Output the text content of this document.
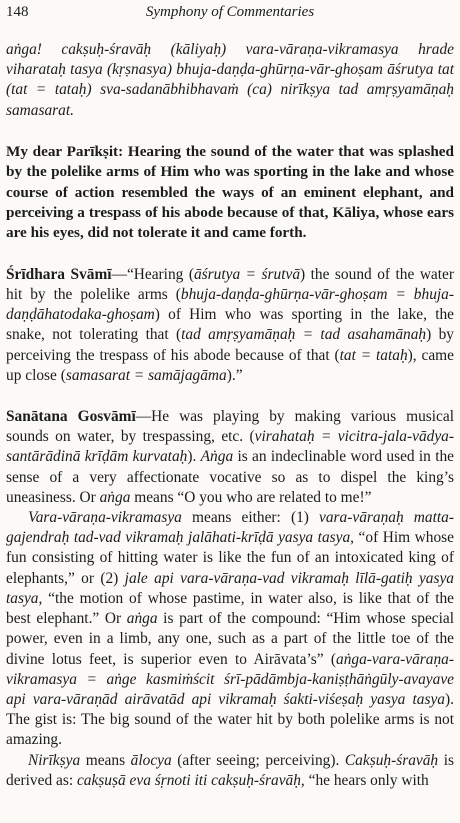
148	Symphony of Commentaries

aṅga! cakṣuḥ-śravāḥ (kāliyaḥ) vara-vāraṇa-vikramasya hrade viharataḥ tasya (kṛṣnasya) bhuja-daṇḍa-ghūrṇa-vār-ghoṣam āśrutya tat (tat = tataḥ) sva-sadanābhibhavaṁ (ca) nirīkṣya tad amṛṣyamāṇaḥ samasarat.

My dear Parīkṣit: Hearing the sound of the water that was splashed by the polelike arms of Him who was sporting in the lake and whose course of action resembled the ways of an eminent elephant, and perceiving a trespass of his abode because of that, Kāliya, whose ears are his eyes, did not tolerate it and came forth.

Śrīdhara Svāmī—“Hearing (āśrutya = śrutvā) the sound of the water hit by the polelike arms (bhuja-daṇḍa-ghūrṇa-vār-ghoṣam = bhuja-daṇḍāhatodaka-ghoṣam) of Him who was sporting in the lake, the snake, not tolerating that (tad amṛṣyamāṇaḥ = tad asahamānaḥ) by perceiving the trespass of his abode because of that (tat = tataḥ), came up close (samasarat = samājagāma).”

Sanātana Gosvāmī—He was playing by making various musical sounds on water, by trespassing, etc. (virahataḥ = vicitra-jala-vādya-santārādinā krīḍām kurvataḥ). Aṅga is an indeclinable word used in the sense of a very affectionate vocative so as to dispel the king’s uneasiness. Or aṅga means “O you who are related to me!”

Vara-vāraṇa-vikramasya means either: (1) vara-vāraṇaḥ matta-gajendraḥ tad-vad vikramaḥ jalāhati-krīḍā yasya tasya, “of Him whose fun consisting of hitting water is like the fun of an intoxicated king of elephants,” or (2) jale api vara-vāraṇa-vad vikramaḥ līlā-gatiḥ yasya tasya, “the motion of whose pastime, in water also, is like that of the best elephant.” Or aṅga is part of the compound: “Him whose special power, even in a limb, any one, such as a part of the little toe of the divine lotus feet, is superior even to Airāvata’s” (aṅga-vara-vāraṇa-vikramasya = aṅge kasmiṁścit śrī-pādāmbja-kaniṣṭhāṅgūly-avayave api vara-vāraṇād airāvatād api vikramaḥ śakti-viśeṣaḥ yasya tasya). The gist is: The big sound of the water hit by both polelike arms is not amazing.

Nirīkṣya means ālocya (after seeing; perceiving). Cakṣuḥ-śravāḥ is derived as: cakṣuṣā eva śṛnoti iti cakṣuḥ-śravāḥ, “he hears only with
